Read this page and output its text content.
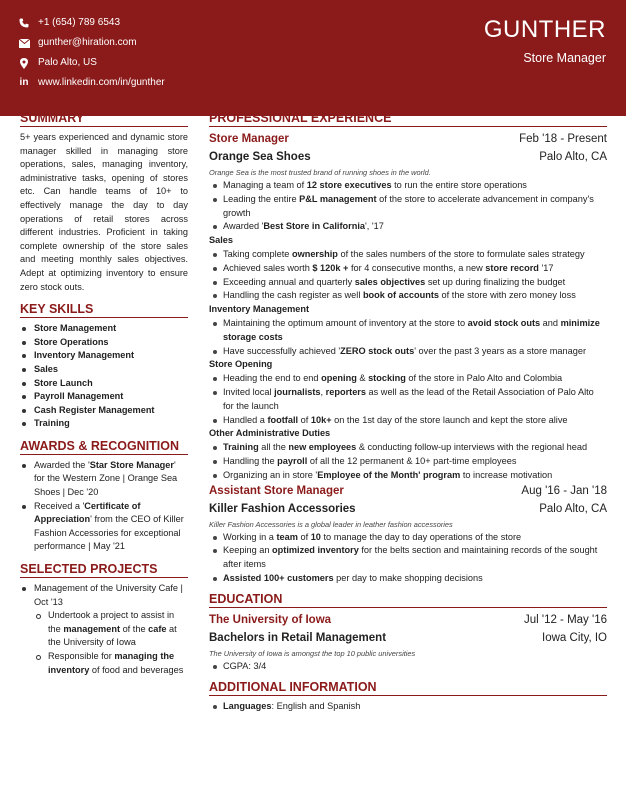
+1 (654) 789 6543
gunther@hiration.com
Palo Alto, US
in www.linkedin.com/in/gunther
GUNTHER
Store Manager
SUMMARY
5+ years experienced and dynamic store manager skilled in managing store operations, sales, managing inventory, administrative tasks, opening of stores etc. Can handle teams of 10+ to effectively manage the day to day operations of retail stores across different industries. Proficient in taking complete ownership of the store sales and meeting monthly sales objectives. Adept at optimizing inventory to ensure zero stock outs.
KEY SKILLS
Store Management
Store Operations
Inventory Management
Sales
Store Launch
Payroll Management
Cash Register Management
Training
AWARDS & RECOGNITION
Awarded the 'Star Store Manager' for the Western Zone | Orange Sea Shoes | Dec '20
Received a 'Certificate of Appreciation' from the CEO of Killer Fashion Accessories for exceptional performance | May '21
SELECTED PROJECTS
Management of the University Cafe | Oct '13
Undertook a project to assist in the management of the cafe at the University of Iowa
Responsible for managing the inventory of food and beverages
PROFESSIONAL EXPERIENCE
Store Manager	Feb '18 - Present
Orange Sea Shoes	Palo Alto, CA
Orange Sea is the most trusted brand of running shoes in the world.
Managing a team of 12 store executives to run the entire store operations
Leading the entire P&L management of the store to accelerate advancement in company's growth
Awarded 'Best Store in California', '17
Sales
Taking complete ownership of the sales numbers of the store to formulate sales strategy
Achieved sales worth $ 120k + for 4 consecutive months, a new store record '17
Exceeding annual and quarterly sales objectives set up during finalizing the budget
Handling the cash register as well book of accounts of the store with zero money loss
Inventory Management
Maintaining the optimum amount of inventory at the store to avoid stock outs and minimize storage costs
Have successfully achieved 'ZERO stock outs' over the past 3 years as a store manager
Store Opening
Heading the end to end opening & stocking of the store in Palo Alto and Colombia
Invited local journalists, reporters as well as the lead of the Retail Association of Palo Alto for the launch
Handled a footfall of 10k+ on the 1st day of the store launch and kept the store alive
Other Administrative Duties
Training all the new employees & conducting follow-up interviews with the regional head
Handling the payroll of all the 12 permanent & 10+ part-time employees
Organizing an in store 'Employee of the Month' program to increase motivation
Assistant Store Manager	Aug '16 - Jan '18
Killer Fashion Accessories	Palo Alto, CA
Killer Fashion Accessories is a global leader in leather fashion accessories
Working in a team of 10 to manage the day to day operations of the store
Keeping an optimized inventory for the belts section and maintaining records of the sought after items
Assisted 100+ customers per day to make shopping decisions
EDUCATION
The University of Iowa	Jul '12 - May '16
Bachelors in Retail Management	Iowa City, IO
The University of Iowa is amongst the top 10 public universities
CGPA: 3/4
ADDITIONAL INFORMATION
Languages: English and Spanish
